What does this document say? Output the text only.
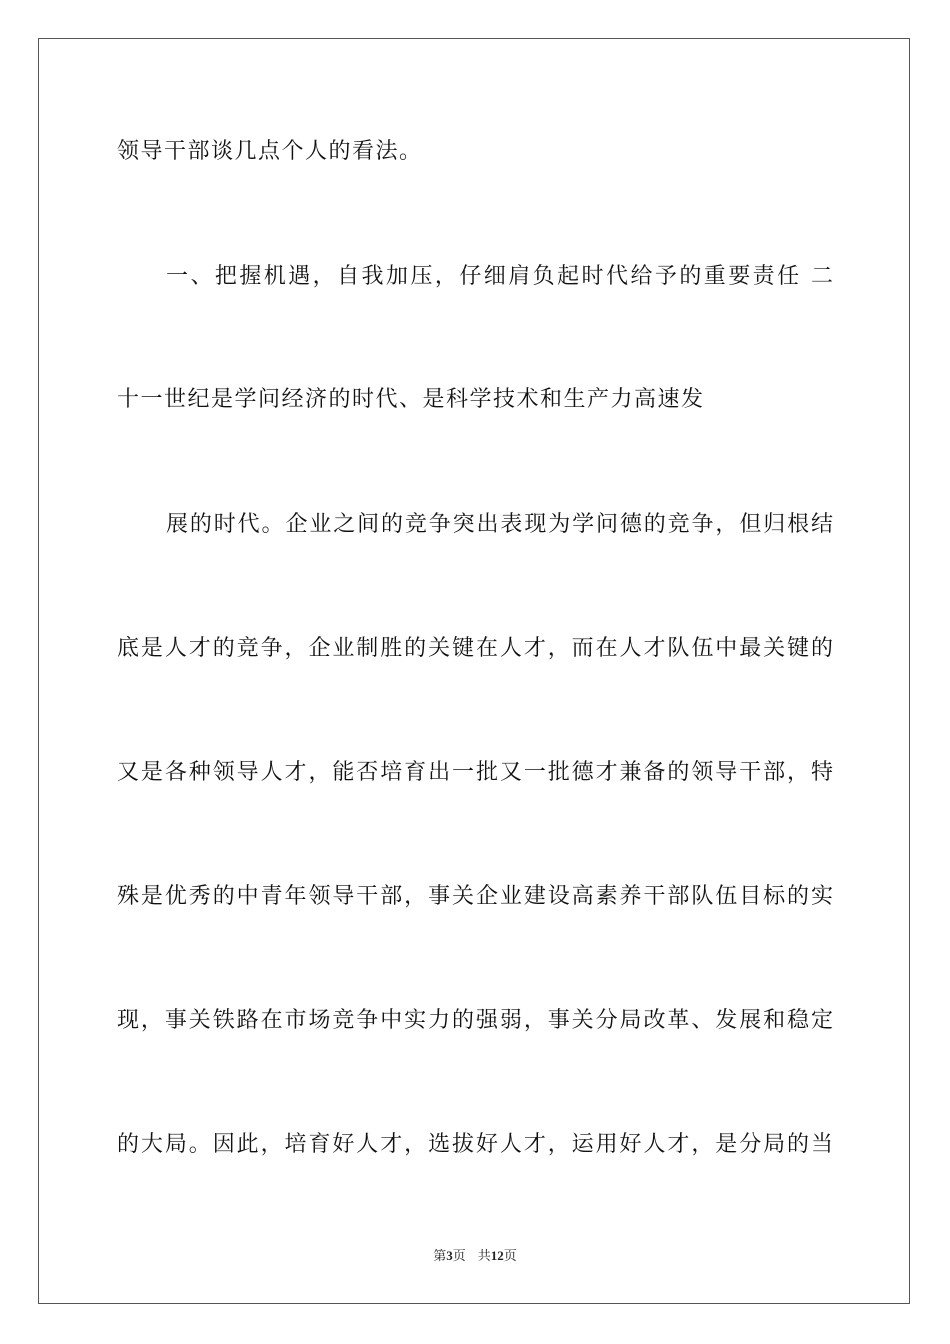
领导干部谈几点个人的看法。
一、把握机遇，自我加压，仔细肩负起时代给予的重要责任 二
十一世纪是学问经济的时代、是科学技术和生产力高速发
展的时代。企业之间的竞争突出表现为学问德的竞争，但归根结
底是人才的竞争，企业制胜的关键在人才，而在人才队伍中最关键的
又是各种领导人才，能否培育出一批又一批德才兼备的领导干部，特
殊是优秀的中青年领导干部，事关企业建设高素养干部队伍目标的实
现，事关铁路在市场竞争中实力的强弱，事关分局改革、发展和稳定
的大局。因此，培育好人才，选拔好人才，运用好人才，是分局的当
第3页 共12页
